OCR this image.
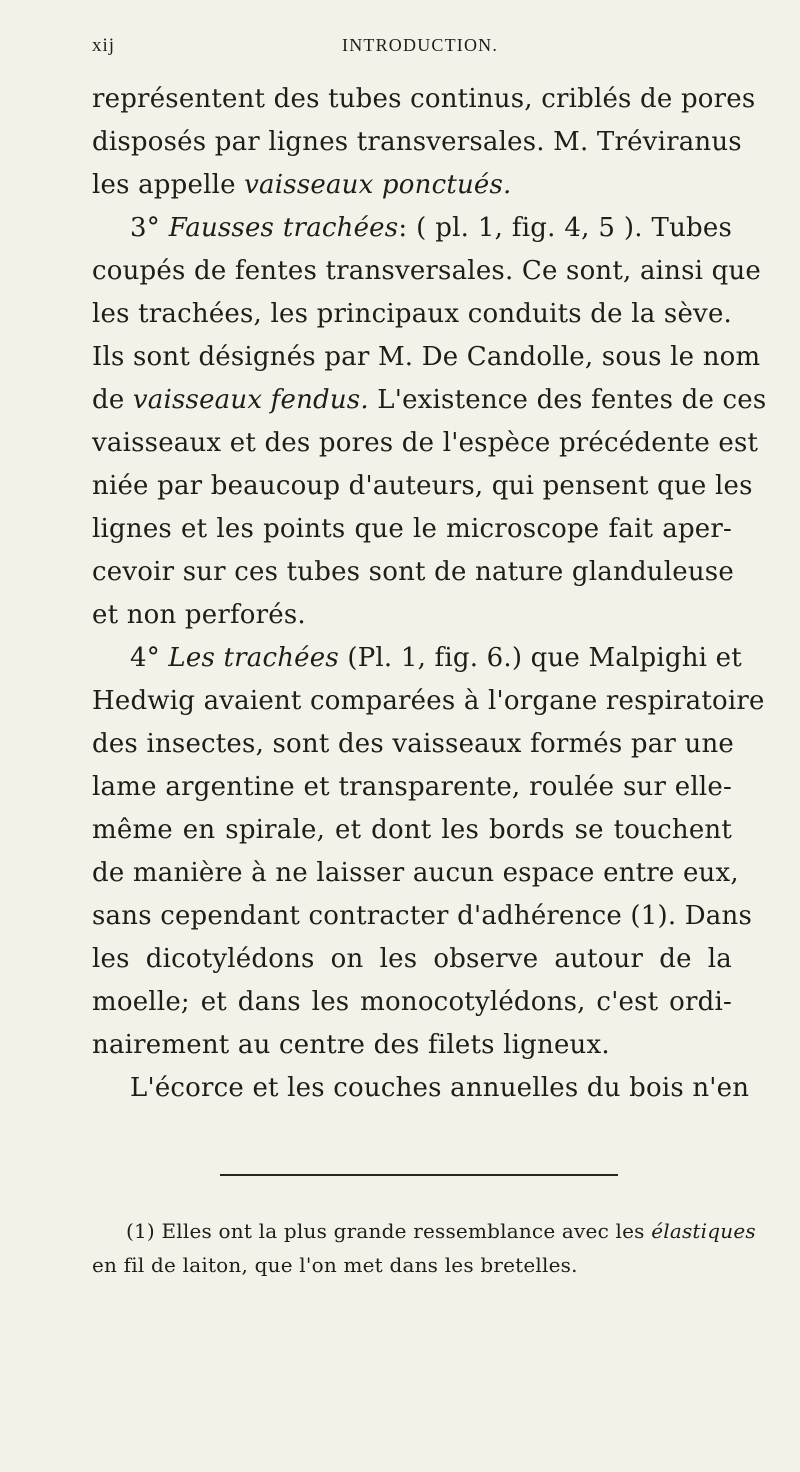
xij	INTRODUCTION.
représentent des tubes continus, criblés de pores
disposés par lignes transversales. M. Tréviranus
les appelle vaisseaux ponctués.
3° Fausses trachées: ( pl. 1, fig. 4, 5 ). Tubes
coupés de fentes transversales. Ce sont, ainsi que
les trachées, les principaux conduits de la sève.
Ils sont désignés par M. De Candolle, sous le nom
de vaisseaux fendus. L'existence des fentes de ces
vaisseaux et des pores de l'espèce précédente est
niée par beaucoup d'auteurs, qui pensent que les
lignes et les points que le microscope fait aper-
cevoir sur ces tubes sont de nature glanduleuse
et non perforés.
4° Les trachées (Pl. 1, fig. 6.) que Malpighi et
Hedwig avaient comparées à l'organe respiratoire
des insectes, sont des vaisseaux formés par une
lame argentine et transparente, roulée sur elle-
même en spirale, et dont les bords se touchent
de manière à ne laisser aucun espace entre eux,
sans cependant contracter d'adhérence (1). Dans
les dicotylédons on les observe autour de la
moelle; et dans les monocotylédons, c'est ordi-
nairement au centre des filets ligneux.
L'écorce et les couches annuelles du bois n'en
(1) Elles ont la plus grande ressemblance avec les élastiques
en fil de laiton, que l'on met dans les bretelles.
